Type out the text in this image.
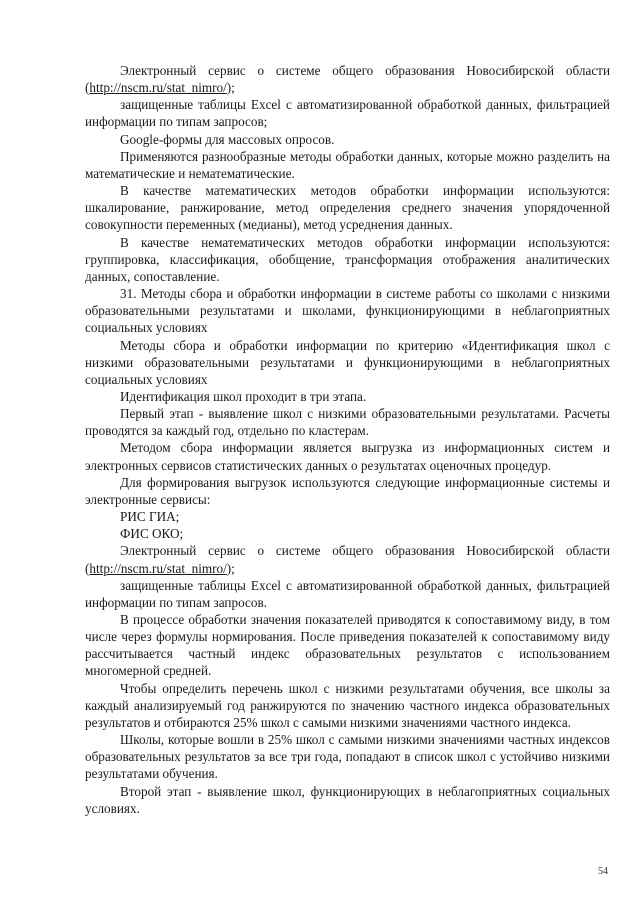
Электронный сервис о системе общего образования Новосибирской области (http://nscm.ru/stat_nimro/);

защищенные таблицы Excel с автоматизированной обработкой данных, фильтрацией информации по типам запросов;

Google-формы для массовых опросов.

Применяются разнообразные методы обработки данных, которые можно разделить на математические и нематематические.

В качестве математических методов обработки информации используются: шкалирование, ранжирование, метод определения среднего значения упорядоченной совокупности переменных (медианы), метод усреднения данных.

В качестве нематематических методов обработки информации используются: группировка, классификация, обобщение, трансформация отображения аналитических данных, сопоставление.

31. Методы сбора и обработки информации в системе работы со школами с низкими образовательными результатами и школами, функционирующими в неблагоприятных социальных условиях

Методы сбора и обработки информации по критерию «Идентификация школ с низкими образовательными результатами и функционирующими в неблагоприятных социальных условиях

Идентификация школ проходит в три этапа.

Первый этап - выявление школ с низкими образовательными результатами. Расчеты проводятся за каждый год, отдельно по кластерам.

Методом сбора информации является выгрузка из информационных систем и электронных сервисов статистических данных о результатах оценочных процедур.

Для формирования выгрузок используются следующие информационные системы и электронные сервисы:

РИС ГИА;

ФИС ОКО;

Электронный сервис о системе общего образования Новосибирской области (http://nscm.ru/stat_nimro/);

защищенные таблицы Excel с автоматизированной обработкой данных, фильтрацией информации по типам запросов.

В процессе обработки значения показателей приводятся к сопоставимому виду, в том числе через формулы нормирования. После приведения показателей к сопоставимому виду рассчитывается частный индекс образовательных результатов с использованием многомерной средней.

Чтобы определить перечень школ с низкими результатами обучения, все школы за каждый анализируемый год ранжируются по значению частного индекса образовательных результатов и отбираются 25% школ с самыми низкими значениями частного индекса.

Школы, которые вошли в 25% школ с самыми низкими значениями частных индексов образовательных результатов за все три года, попадают в список школ с устойчиво низкими результатами обучения.

Второй этап - выявление школ, функционирующих в неблагоприятных социальных условиях.

54
